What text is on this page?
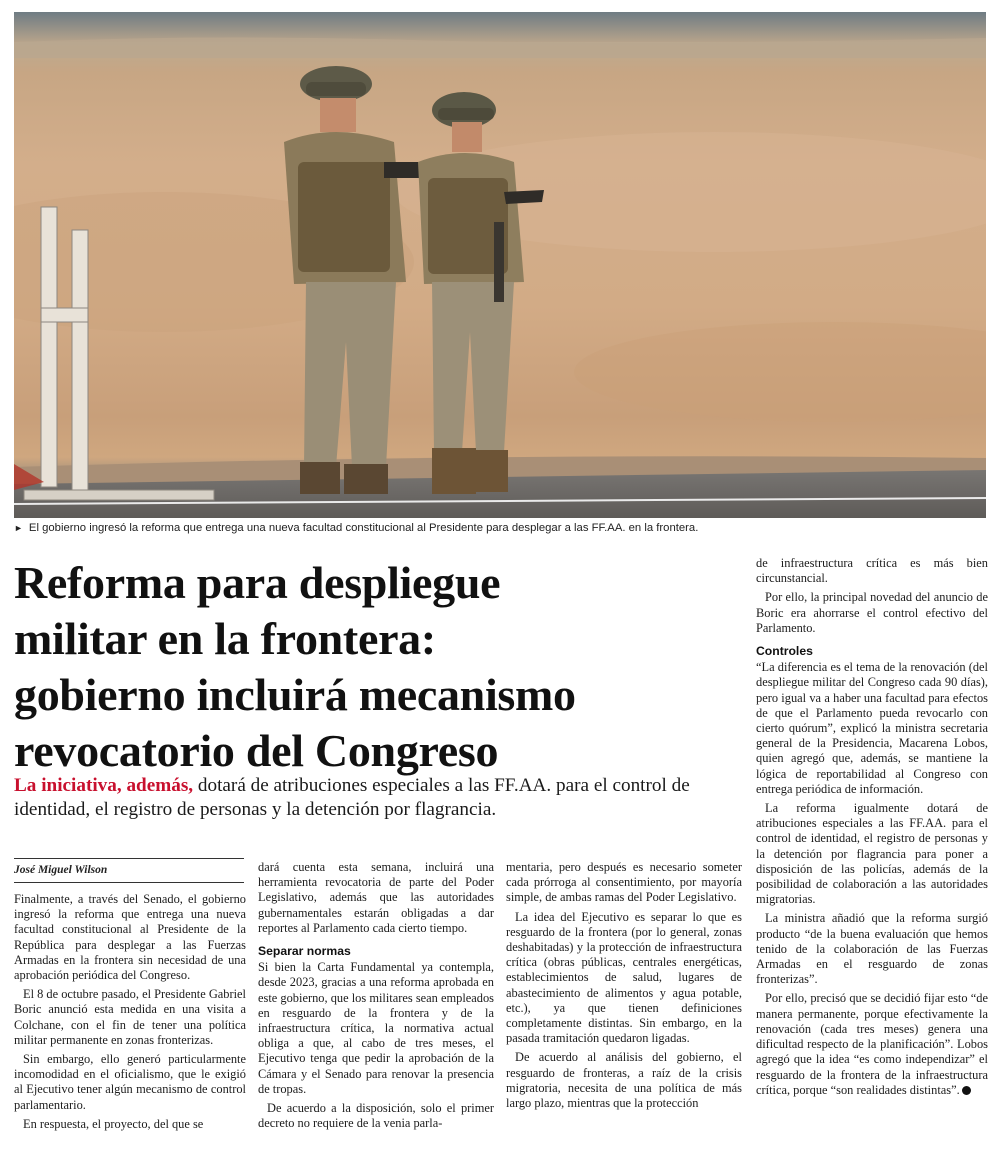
► El gobierno ingresó la reforma que entrega una nueva facultad constitucional al Presidente para desplegar a las FF.AA. en la frontera.
Reforma para despliegue
militar en la frontera:
gobierno incluirá mecanismo
revocatorio del Congreso
La iniciativa, además, dotará de atribuciones especiales a las FF.AA. para el control de identidad, el registro de personas y la detención por flagrancia.
José Miguel Wilson

Finalmente, a través del Senado, el gobierno ingresó la reforma que entrega una nueva facultad constitucional al Presidente de la República para desplegar a las Fuerzas Armadas en la frontera sin necesidad de una aprobación periódica del Congreso.

El 8 de octubre pasado, el Presidente Gabriel Boric anunció esta medida en una visita a Colchane, con el fin de tener una política militar permanente en zonas fronterizas.

Sin embargo, ello generó particularmente incomodidad en el oficialismo, que le exigió al Ejecutivo tener algún mecanismo de control parlamentario.

En respuesta, el proyecto, del que se

dará cuenta esta semana, incluirá una herramienta revocatoria de parte del Poder Legislativo, además que las autoridades gubernamentales estarán obligadas a dar reportes al Parlamento cada cierto tiempo.

Separar normas

Si bien la Carta Fundamental ya contempla, desde 2023, gracias a una reforma aprobada en este gobierno, que los militares sean empleados en resguardo de la frontera y de la infraestructura crítica, la normativa actual obliga a que, al cabo de tres meses, el Ejecutivo tenga que pedir la aprobación de la Cámara y el Senado para renovar la presencia de tropas.

De acuerdo a la disposición, solo el primer decreto no requiere de la venia parla-

mentaria, pero después es necesario someter cada prórroga al consentimiento, por mayoría simple, de ambas ramas del Poder Legislativo.

La idea del Ejecutivo es separar lo que es resguardo de la frontera (por lo general, zonas deshabitadas) y la protección de infraestructura crítica (obras públicas, centrales energéticas, establecimientos de salud, lugares de abastecimiento de alimentos y agua potable, etc.), ya que tienen definiciones completamente distintas. Sin embargo, en la pasada tramitación quedaron ligadas.

De acuerdo al análisis del gobierno, el resguardo de fronteras, a raíz de la crisis migratoria, necesita de una política de más largo plazo, mientras que la protección

de infraestructura crítica es más bien circunstancial.

Por ello, la principal novedad del anuncio de Boric era ahorrarse el control efectivo del Parlamento.

Controles

“La diferencia es el tema de la renovación (del despliegue militar del Congreso cada 90 días), pero igual va a haber una facultad para efectos de que el Parlamento pueda revocarlo con cierto quórum”, explicó la ministra secretaria general de la Presidencia, Macarena Lobos, quien agregó que, además, se mantiene la lógica de reportabilidad al Congreso con entrega periódica de información.

La reforma igualmente dotará de atribuciones especiales a las FF.AA. para el control de identidad, el registro de personas y la detención por flagrancia para poner a disposición de las policías, además de la posibilidad de colaboración a las autoridades migratorias.

La ministra añadió que la reforma surgió producto “de la buena evaluación que hemos tenido de la colaboración de las Fuerzas Armadas en el resguardo de zonas fronterizas”.

Por ello, precisó que se decidió fijar esto “de manera permanente, porque efectivamente la renovación (cada tres meses) genera una dificultad respecto de la planificación”. Lobos agregó que la idea “es como independizar” el resguardo de la frontera de la infraestructura crítica, porque “son realidades distintas”.
